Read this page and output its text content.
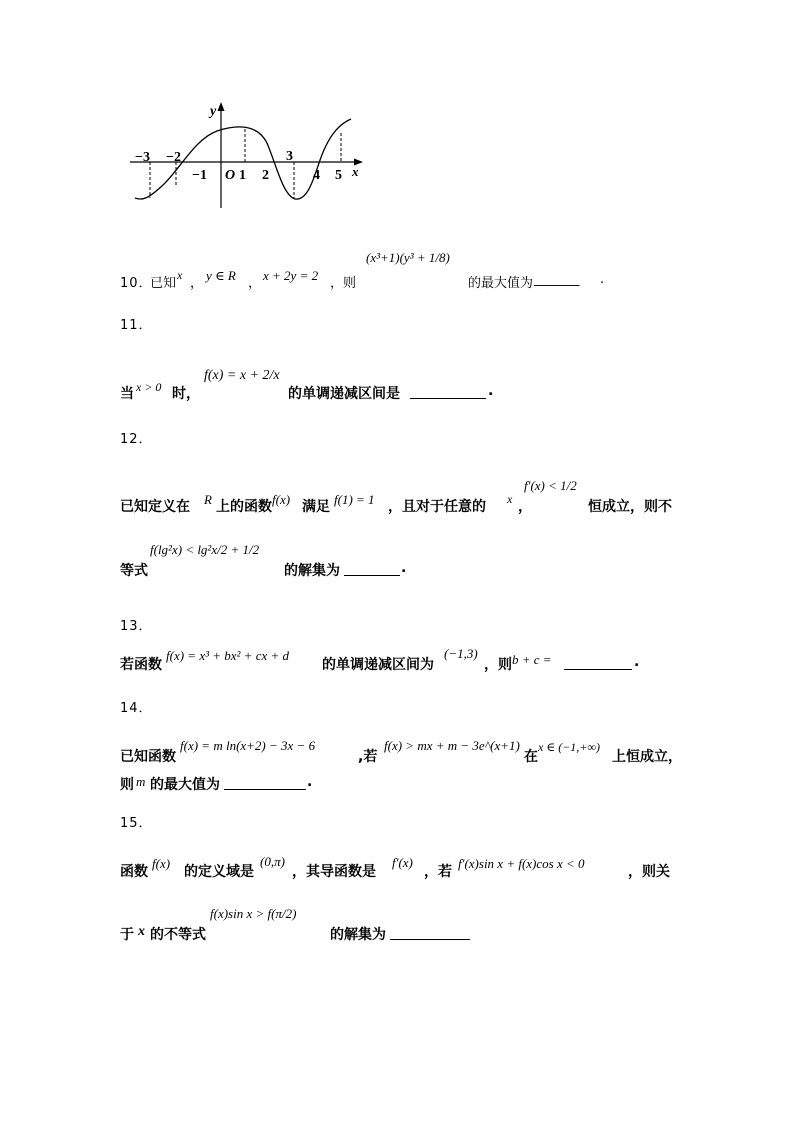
y
x
−3 −2
−1 O 1 2
3
4 5
10．
已知
x
，
y ∈ R
，
x + 2y = 2
，则
(x³+1)(y³ + 1/8)
的最大值为 _______ .
11．
当 x > 0 时，
f(x) = x + 2/x
的单调递减区间是	.
12．
已知定义在 R 上的函数 f(x) 满足 f(1) = 1 ，且对于任意的 x ，
f′(x) < 1/2
恒成立，则不
等式
f(lg²x) < lg²x/2 + 1/2
的解集为	.
13．
若函数
f(x) = x³ + bx² + cx + d
的单调递减区间为
(−1,3)
，则 b + c =	.
14．
已知函数
f(x) = m ln(x+2) − 3x − 6
,若
f(x) > mx + m − 3e^(x+1)
在
x ∈ (−1,+∞)
上恒成立，
则 m 的最大值为	.
15．
函数
f(x)
的定义域是
(0,π)
，其导函数是
f′(x)
，若
f′(x)sin x + f(x)cos x < 0
，则关
于 x 的不等式
f(x)sin x > f(π/2)
的解集为
